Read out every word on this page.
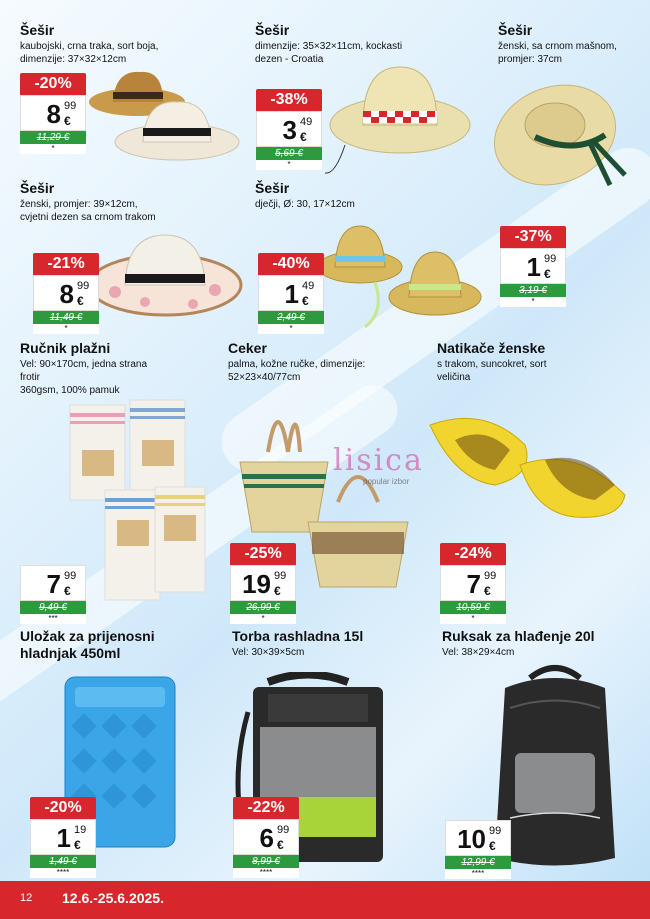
Šešir
kaubojski, crna traka, sort boja,
dimenzije: 37×32×12cm
-20%
8 99
€
11,29 €
*
Šešir
dimenzije: 35×32×11cm, kockasti
dezen - Croatia
-38%
3 49
€
5,69 €
*
Šešir
ženski, sa crnom mašnom,
promjer: 37cm
-37%
1 99
€
3,19 €
*
Šešir
ženski, promjer: 39×12cm,
cvjetni dezen sa crnom trakom
-21%
8 99
€
11,49 €
*
Šešir
dječji, Ø: 30, 17×12cm
-40%
1 49
€
2,49 €
*
Ručnik plažni
Vel: 90×170cm, jedna strana
frotir
360gsm, 100% pamuk
7 99
€
9,49 €
***
Ceker
palma, kožne ručke, dimenzije:
52×23×40/77cm
-25%
19 99
€
26,99 €
*
lisica
popular izbor
Natikače ženske
s trakom, suncokret, sort
veličina
-24%
7 99
€
10,59 €
*
Uložak za prijenosni
hladnjak 450ml
-20%
1 19
€
1,49 €
****
Torba rashladna 15l
Vel: 30×39×5cm
-22%
6 99
€
8,99 €
****
Ruksak za hlađenje 20l
Vel: 38×29×4cm
10 99
€
12,99 €
****
12 12.6.-25.6.2025.
